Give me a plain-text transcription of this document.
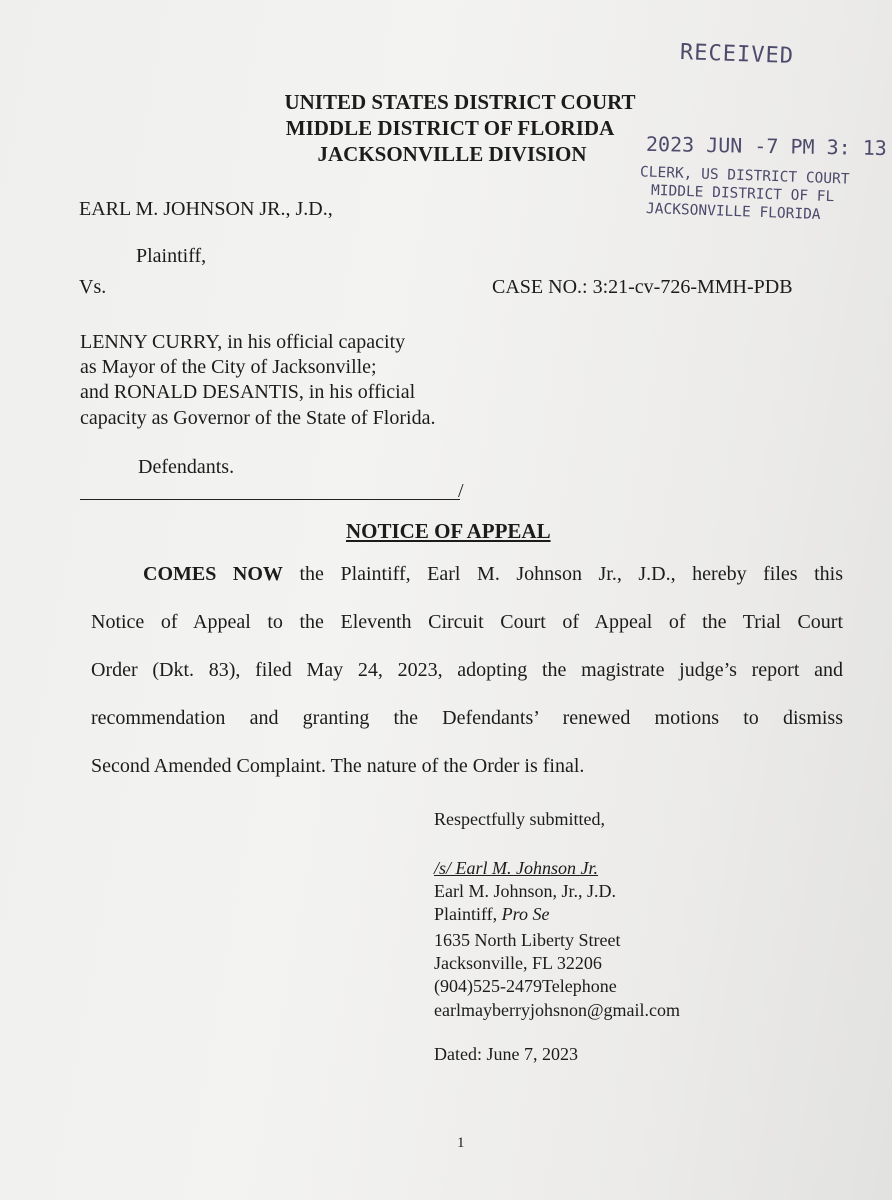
RECEIVED
2023 JUN -7 PM 3: 13
CLERK, US DISTRICT COURT
MIDDLE DISTRICT OF FL
JACKSONVILLE FLORIDA
UNITED STATES DISTRICT COURT
MIDDLE DISTRICT OF FLORIDA
JACKSONVILLE DIVISION
EARL M. JOHNSON JR., J.D.,
Plaintiff,
Vs.	CASE NO.: 3:21-cv-726-MMH-PDB
LENNY CURRY, in his official capacity
as Mayor of the City of Jacksonville;
and RONALD DESANTIS, in his official
capacity as Governor of the State of Florida.
Defendants.
/
NOTICE OF APPEAL
COMES NOW the Plaintiff, Earl M. Johnson Jr., J.D., hereby files this
Notice of Appeal to the Eleventh Circuit Court of Appeal of the Trial Court
Order (Dkt. 83), filed May 24, 2023, adopting the magistrate judge’s report and
recommendation and granting the Defendants’ renewed motions to dismiss
Second Amended Complaint. The nature of the Order is final.
Respectfully submitted,
/s/ Earl M. Johnson Jr.
Earl M. Johnson, Jr., J.D.
Plaintiff, Pro Se
1635 North Liberty Street
Jacksonville, FL 32206
(904)525-2479Telephone
earlmayberryjohsnon@gmail.com
Dated: June 7, 2023
1
